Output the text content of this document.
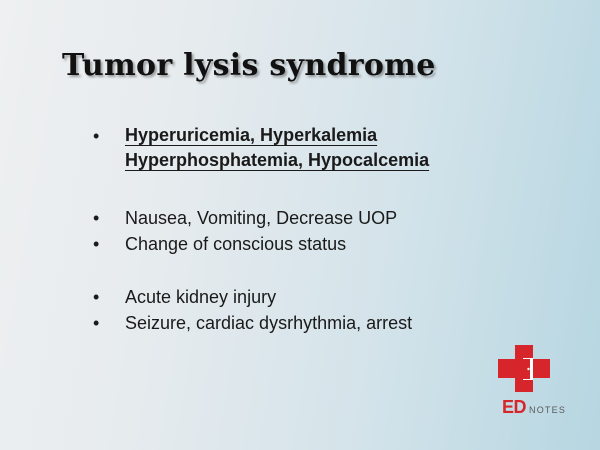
Tumor lysis syndrome
• Hyperuricemia, Hyperkalemia
Hyperphosphatemia, Hypocalcemia
• Nausea, Vomiting, Decrease UOP
• Change of conscious status
• Acute kidney injury
• Seizure, cardiac dysrhythmia, arrest
ED NOTES
